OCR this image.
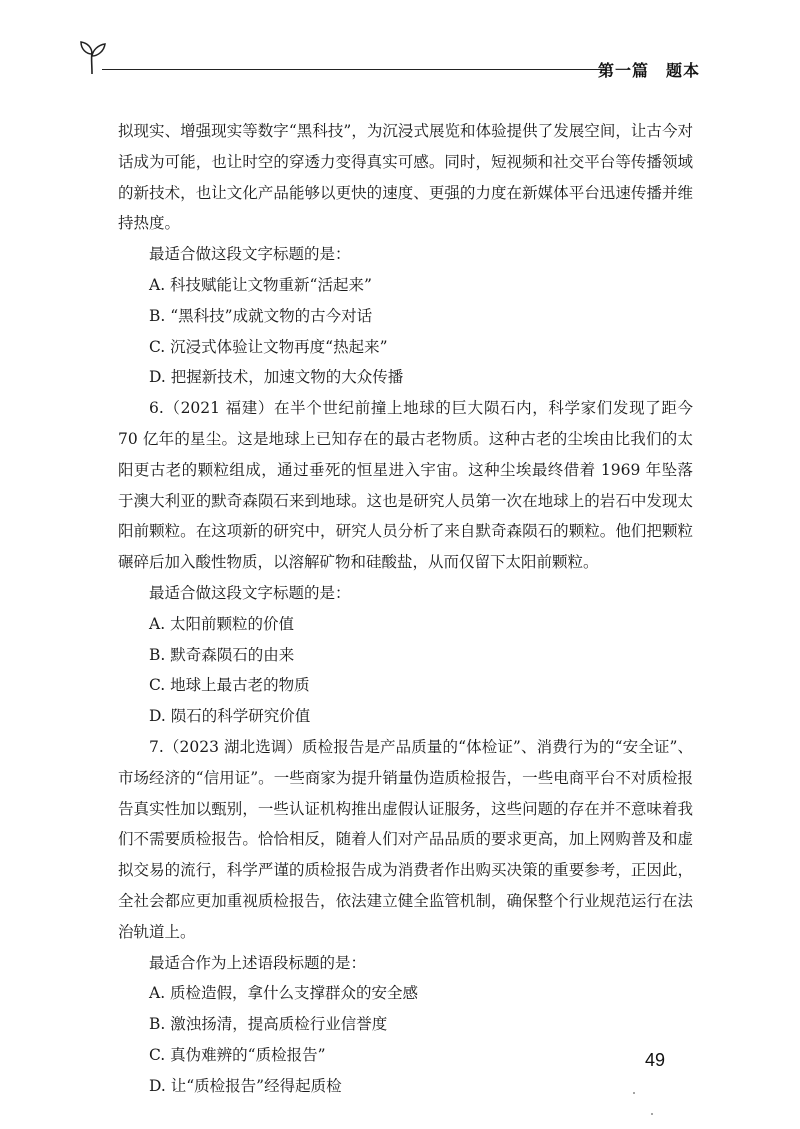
第一篇　题本

拟现实、增强现实等数字“黑科技”，为沉浸式展览和体验提供了发展空间，让古今对话成为可能，也让时空的穿透力变得真实可感。同时，短视频和社交平台等传播领域的新技术，也让文化产品能够以更快的速度、更强的力度在新媒体平台迅速传播并维持热度。

最适合做这段文字标题的是：

A. 科技赋能让文物重新“活起来”

B. “黑科技”成就文物的古今对话

C. 沉浸式体验让文物再度“热起来”

D. 把握新技术，加速文物的大众传播

6.（2021 福建）在半个世纪前撞上地球的巨大陨石内，科学家们发现了距今 70 亿年的星尘。这是地球上已知存在的最古老物质。这种古老的尘埃由比我们的太阳更古老的颗粒组成，通过垂死的恒星进入宇宙。这种尘埃最终借着 1969 年坠落于澳大利亚的默奇森陨石来到地球。这也是研究人员第一次在地球上的岩石中发现太阳前颗粒。在这项新的研究中，研究人员分析了来自默奇森陨石的颗粒。他们把颗粒碾碎后加入酸性物质，以溶解矿物和硅酸盐，从而仅留下太阳前颗粒。

最适合做这段文字标题的是：

A. 太阳前颗粒的价值

B. 默奇森陨石的由来

C. 地球上最古老的物质

D. 陨石的科学研究价值

7.（2023 湖北选调）质检报告是产品质量的“体检证”、消费行为的“安全证”、市场经济的“信用证”。一些商家为提升销量伪造质检报告，一些电商平台不对质检报告真实性加以甄别，一些认证机构推出虚假认证服务，这些问题的存在并不意味着我们不需要质检报告。恰恰相反，随着人们对产品品质的要求更高，加上网购普及和虚拟交易的流行，科学严谨的质检报告成为消费者作出购买决策的重要参考，正因此，全社会都应更加重视质检报告，依法建立健全监管机制，确保整个行业规范运行在法治轨道上。

最适合作为上述语段标题的是：

A. 质检造假，拿什么支撑群众的安全感

B. 激浊扬清，提高质检行业信誉度

C. 真伪难辨的“质检报告”

D. 让“质检报告”经得起质检

49
